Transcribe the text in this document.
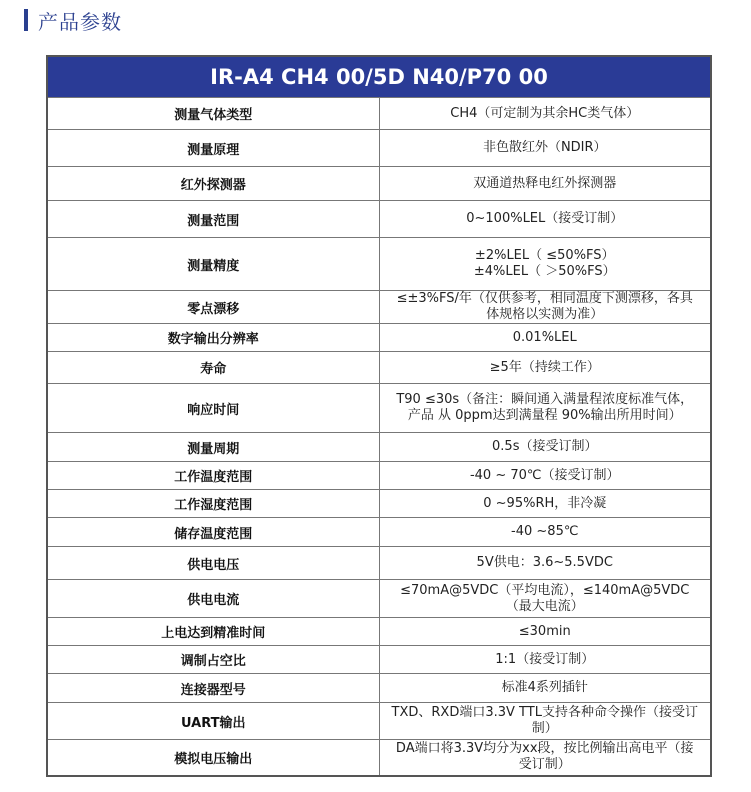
产品参数
IR-A4 CH4 00/5D N40/P70 00	
测量气体类型	CH4（可定制为其余HC类气体）

测量原理	非色散红外（NDIR）

红外探测器	双通道热释电红外探测器

测量范围	0~100%LEL（接受订制）

测量精度	±2%LEL（ ≤50%FS）
±4%LEL（ ＞50%FS）

零点漂移	≤±3%FS/年（仅供参考，相同温度下测漂移，各具体规格以实测为准）

数字输出分辨率	0.01%LEL

寿命	≥5年（持续工作）

响应时间	T90 ≤30s（备注：瞬间通入满量程浓度标准气体， 产品 从 0ppm达到满量程 90%输出所用时间）

测量周期	0.5s（接受订制）

工作温度范围	-40 ~ 70℃（接受订制）

工作湿度范围	0 ~95%RH，非冷凝

储存温度范围	-40 ~85℃

供电电压	5V供电：3.6~5.5VDC

供电电流	≤70mA@5VDC（平均电流），≤140mA@5VDC（最大电流）

上电达到精准时间	≤30min

调制占空比	1:1（接受订制）

连接器型号	标准4系列插针

UART输出	TXD、RXD端口3.3V TTL支持各种命令操作（接受订制）

模拟电压输出	DA端口将3.3V均分为xx段，按比例输出高电平（接受订制）
